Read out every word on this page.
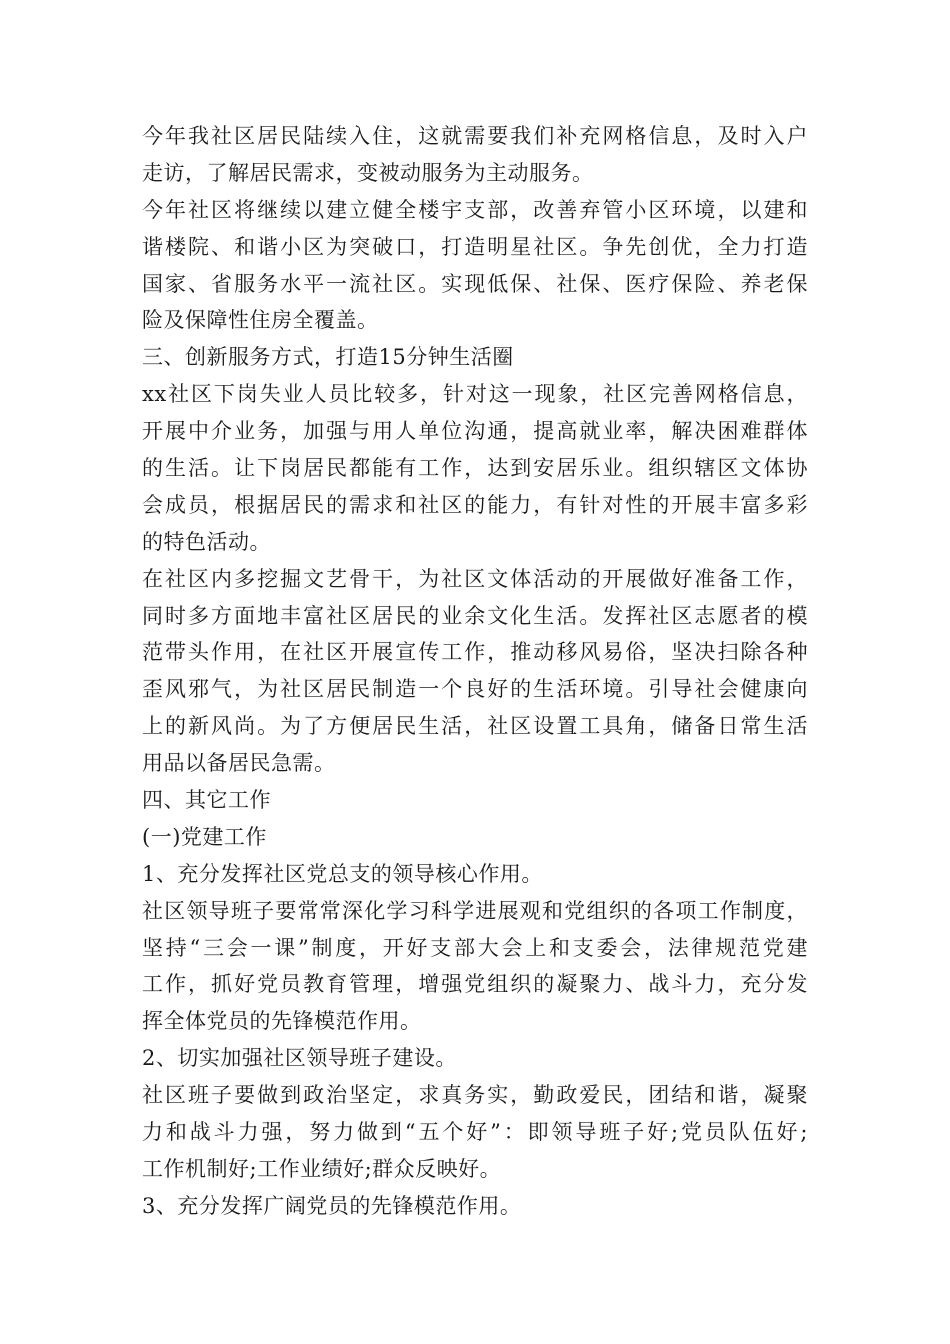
今年我社区居民陆续入住，这就需要我们补充网格信息，及时入户
走访，了解居民需求，变被动服务为主动服务。
今年社区将继续以建立健全楼宇支部，改善弃管小区环境，以建和
谐楼院、和谐小区为突破口，打造明星社区。争先创优，全力打造
国家、省服务水平一流社区。实现低保、社保、医疗保险、养老保
险及保障性住房全覆盖。
三、创新服务方式，打造15分钟生活圈
xx社区下岗失业人员比较多，针对这一现象，社区完善网格信息，
开展中介业务，加强与用人单位沟通，提高就业率，解决困难群体
的生活。让下岗居民都能有工作，达到安居乐业。组织辖区文体协
会成员，根据居民的需求和社区的能力，有针对性的开展丰富多彩
的特色活动。
在社区内多挖掘文艺骨干，为社区文体活动的开展做好准备工作，
同时多方面地丰富社区居民的业余文化生活。发挥社区志愿者的模
范带头作用，在社区开展宣传工作，推动移风易俗，坚决扫除各种
歪风邪气，为社区居民制造一个良好的生活环境。引导社会健康向
上的新风尚。为了方便居民生活，社区设置工具角，储备日常生活
用品以备居民急需。
四、其它工作
(一)党建工作
1、充分发挥社区党总支的领导核心作用。
社区领导班子要常常深化学习科学进展观和党组织的各项工作制度，
坚持“三会一课”制度，开好支部大会上和支委会，法律规范党建
工作，抓好党员教育管理，增强党组织的凝聚力、战斗力，充分发
挥全体党员的先锋模范作用。
2、切实加强社区领导班子建设。
社区班子要做到政治坚定，求真务实，勤政爱民，团结和谐，凝聚
力和战斗力强，努力做到“五个好”：即领导班子好;党员队伍好;
工作机制好;工作业绩好;群众反映好。
3、充分发挥广阔党员的先锋模范作用。
